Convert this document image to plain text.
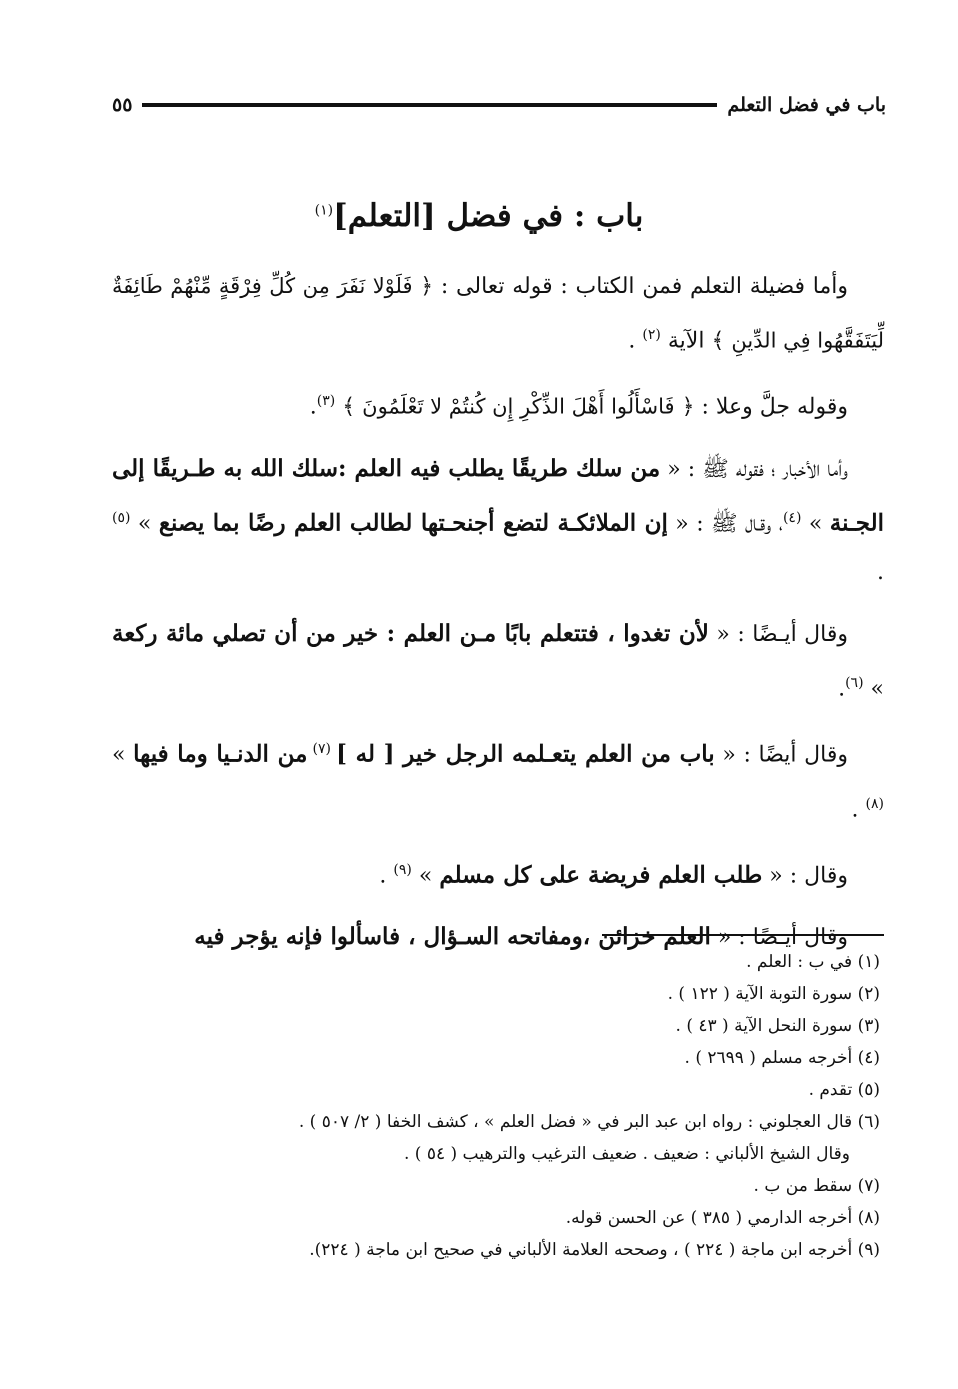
باب في فضل التعلم
٥٥
باب : في فضل [التعلم]$^{(١)}$

وأما فضيلة التعلم فمن الكتاب : قوله تعالى : ﴿ فَلَوْلا نَفَرَ مِن كُلِّ فِرْقَةٍ مِّنْهُمْ طَائِفَةٌ لِّيَتَفَقَّهُوا فِي الدِّينِ ﴾ الآية $^{(٢)}$ .

وقوله جلَّ وعلا : ﴿ فَاسْأَلُوا أَهْلَ الذِّكْرِ إِن كُنتُمْ لا تَعْلَمُونَ ﴾ $^{(٣)}$.

وأما الأخبار ؛ فقوله ﷺ : « من سلك طريقًا يطلب فيه العلم :سلك الله به طـريقًا إلى الجـنة » $^{(٤)}$، وقـال ﷺ : « إن الملائكـة لتضع أجنحـتها لطالب العلم رضًا بما يصنع » $^{(٥)}$ .

وقال أيـضًا : « لأن تغدوا ، فتتعلم بابًا مـن العلم : خير من أن تصلي مائة ركعة » $^{(٦)}$.

وقال أيضًا : « باب من العلم يتعـلمه الرجل خير [ له ] $^{(٧)}$ من الدنـيا وما فيها » $^{(٨)}$ .

وقال : « طلب العلم فريضة على كل مسلم » $^{(٩)}$ .

وقال أيـضًا : « العلم خزائن ،ومفاتحه السـؤال ، فاسألوا فإنه يؤجر فيه

(١) في ب : العلم .
(٢) سورة التوبة الآية ( ١٢٢ ) .
(٣) سورة النحل الآية ( ٤٣ ) .
(٤) أخرجه مسلم ( ٢٦٩٩ ) .
(٥) تقدم .
(٦) قال العجلوني : رواه ابن عبد البر في « فضل العلم » ، كشف الخفا ( ٢/ ٥٠٧ ) .
وقال الشيخ الألباني : ضعيف . ضعيف الترغيب والترهيب ( ٥٤ ) .
(٧) سقط من ب .
(٨) أخرجه الدارمي ( ٣٨٥ ) عن الحسن قوله.
(٩) أخرجه ابن ماجة ( ٢٢٤ ) ، وصححه العلامة الألباني في صحيح ابن ماجة ( ٢٢٤).
